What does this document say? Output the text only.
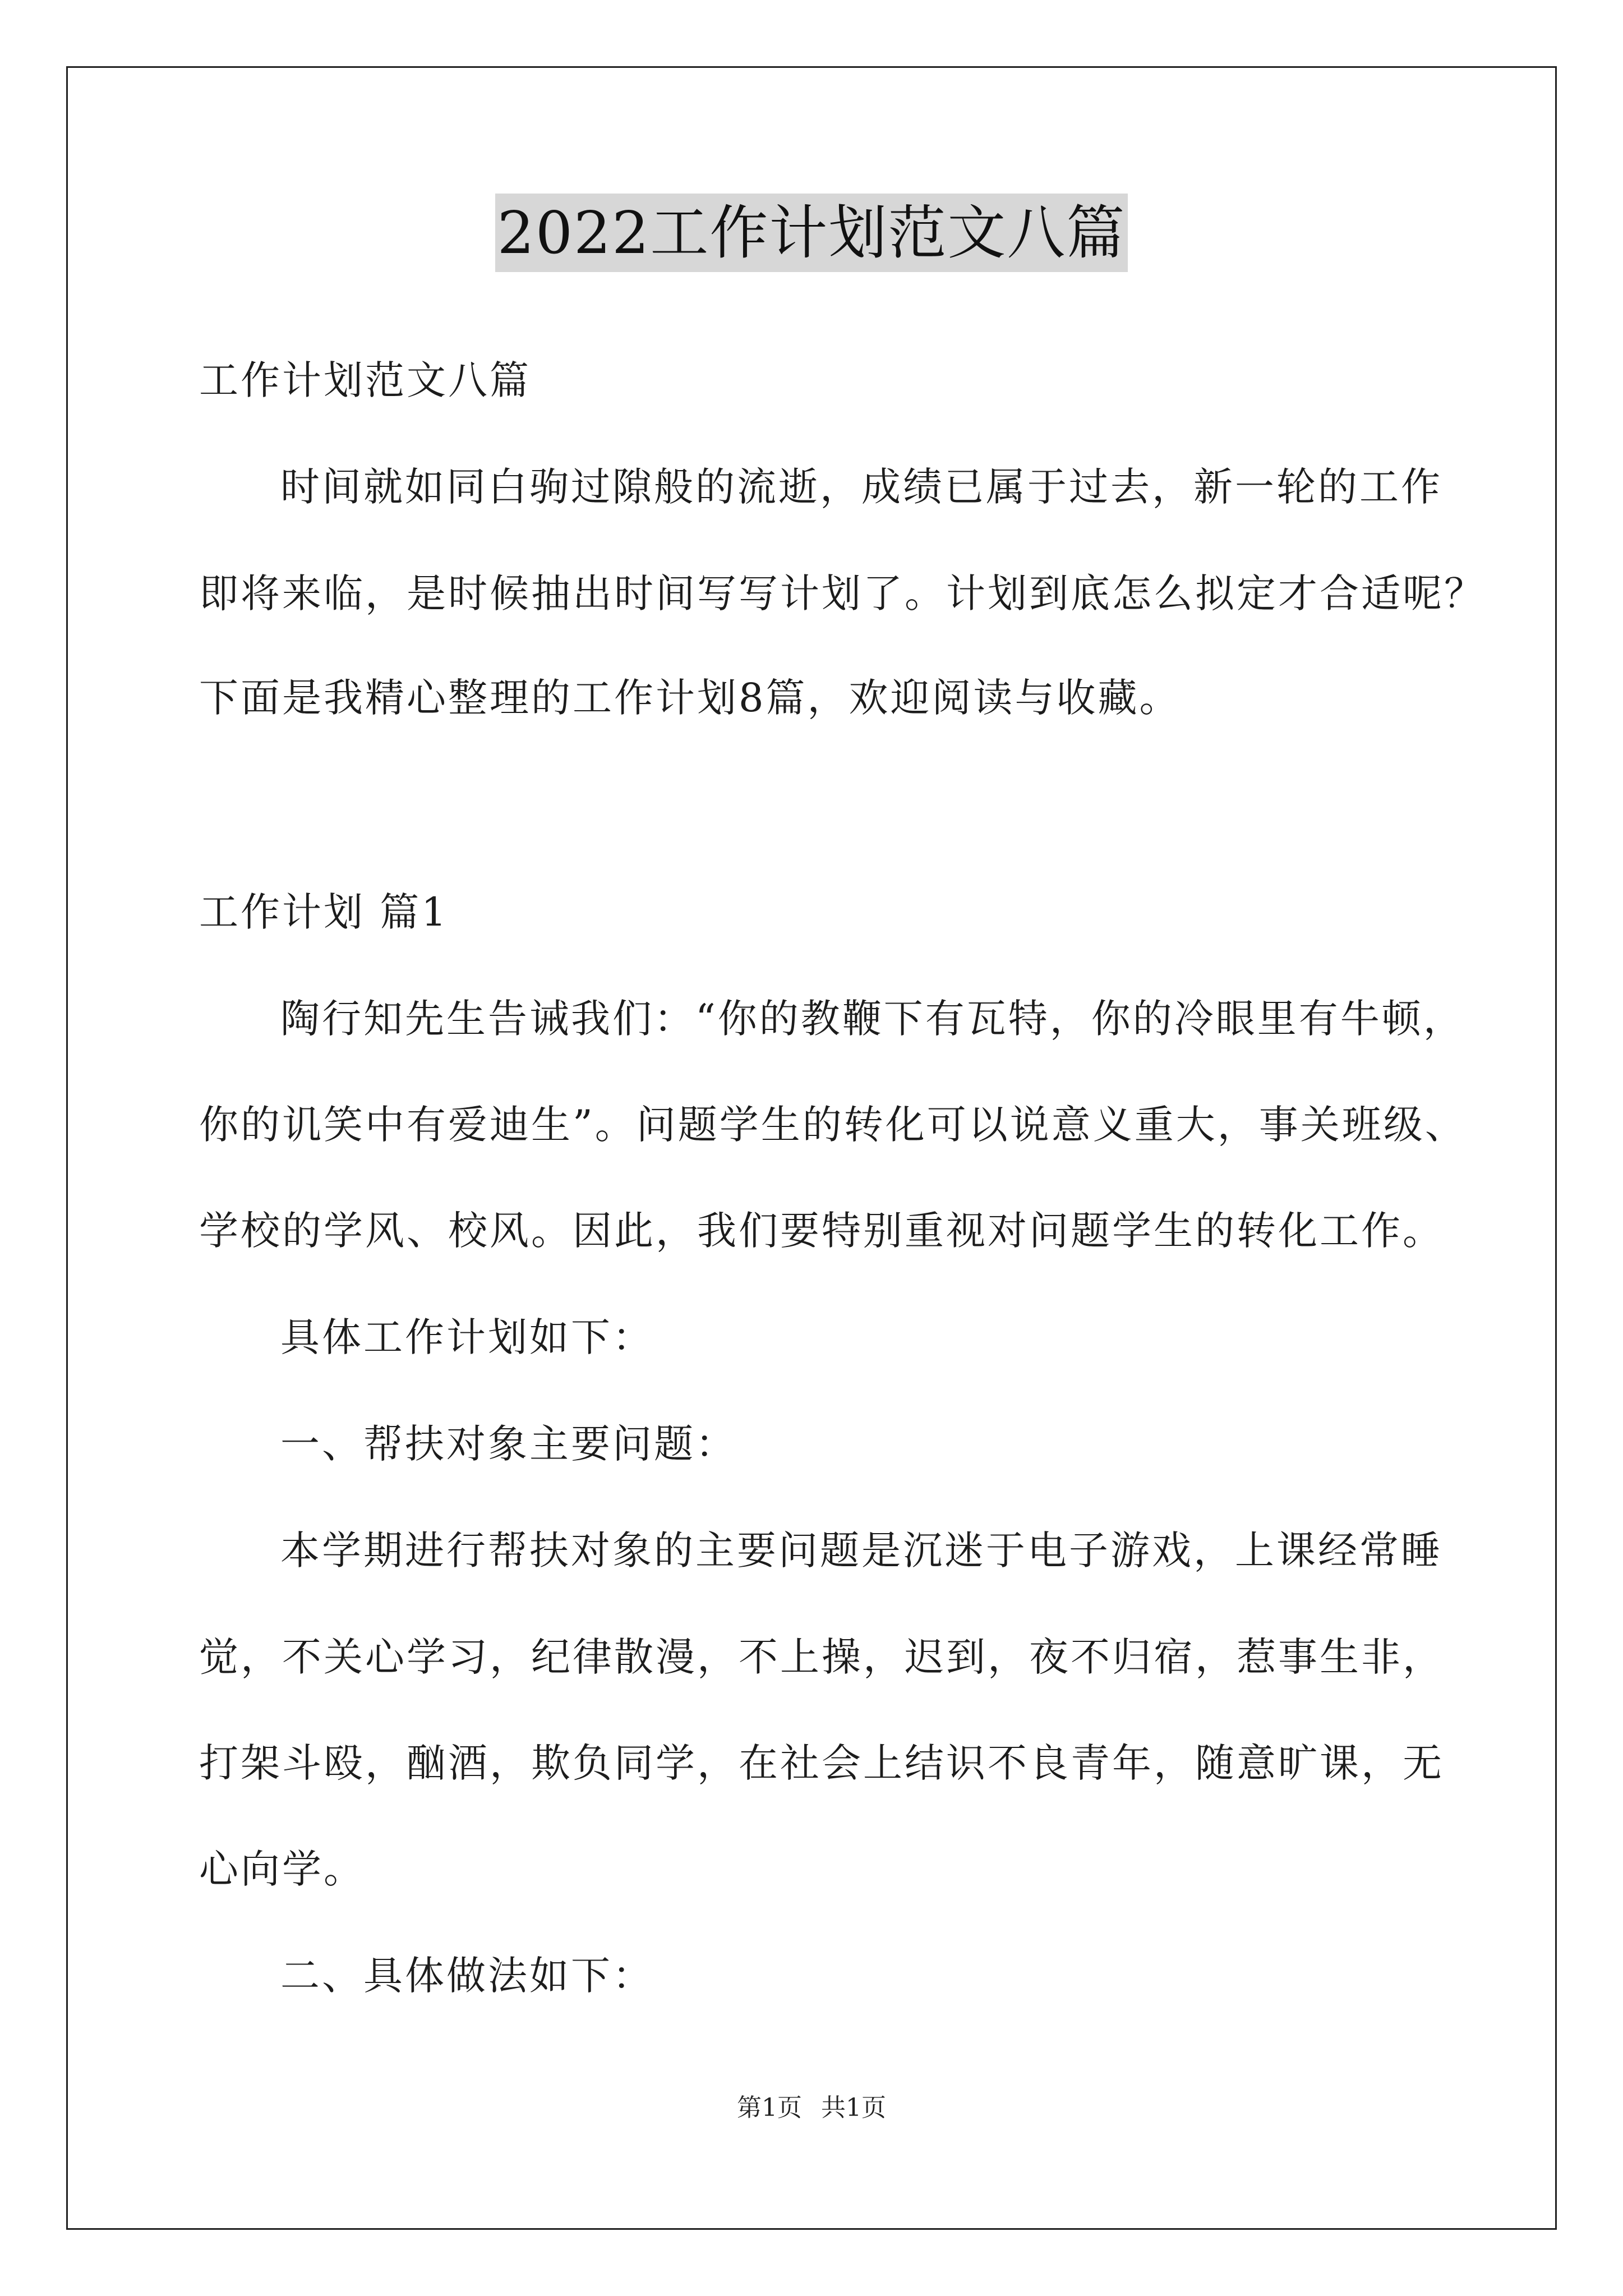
2022工作计划范文八篇
工作计划范文八篇
时间就如同白驹过隙般的流逝，成绩已属于过去，新一轮的工作
即将来临，是时候抽出时间写写计划了。计划到底怎么拟定才合适呢？
下面是我精心整理的工作计划8篇，欢迎阅读与收藏。
工作计划 篇1
陶行知先生告诫我们：“你的教鞭下有瓦特，你的冷眼里有牛顿，
你的讥笑中有爱迪生”。问题学生的转化可以说意义重大，事关班级、
学校的学风、校风。因此，我们要特别重视对问题学生的转化工作。
具体工作计划如下：
一、帮扶对象主要问题：
本学期进行帮扶对象的主要问题是沉迷于电子游戏，上课经常睡
觉，不关心学习，纪律散漫，不上操，迟到，夜不归宿，惹事生非，
打架斗殴，酗酒，欺负同学，在社会上结识不良青年，随意旷课，无
心向学。
二、具体做法如下：
第1页 共1页
